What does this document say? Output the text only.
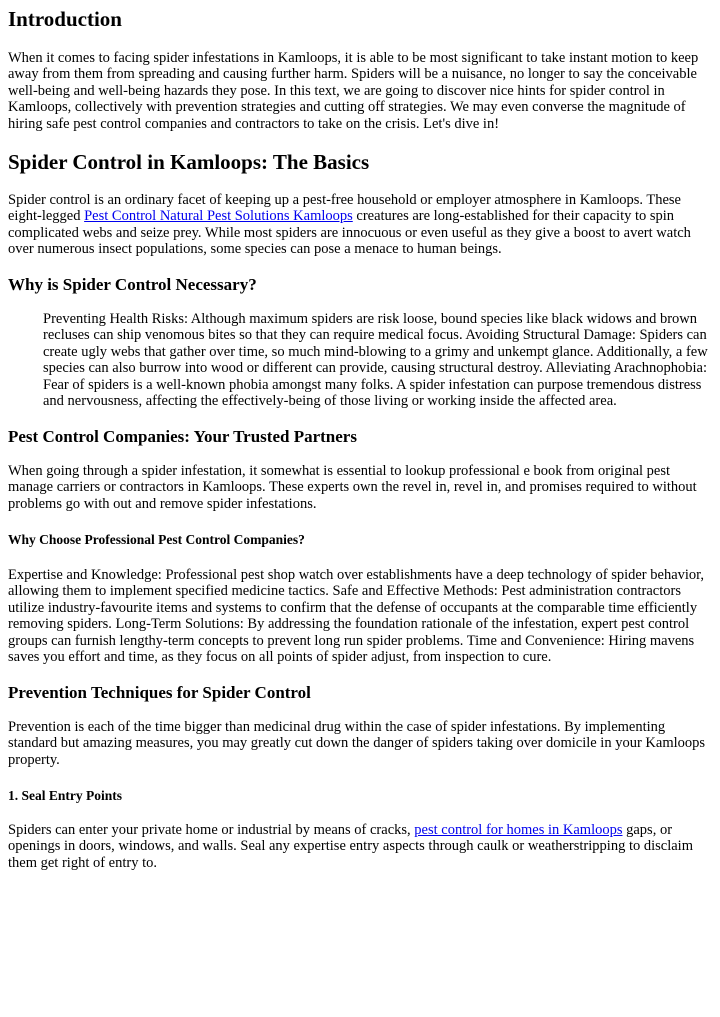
Introduction

When it comes to facing spider infestations in Kamloops, it is able to be most significant to take instant motion to keep away from them from spreading and causing further harm. Spiders will be a nuisance, no longer to say the conceivable well-being and well-being hazards they pose. In this text, we are going to discover nice hints for spider control in Kamloops, collectively with prevention strategies and cutting off strategies. We may even converse the magnitude of hiring safe pest control companies and contractors to take on the crisis. Let's dive in!

Spider Control in Kamloops: The Basics

Spider control is an ordinary facet of keeping up a pest-free household or employer atmosphere in Kamloops. These eight-legged Pest Control Natural Pest Solutions Kamloops creatures are long-established for their capacity to spin complicated webs and seize prey. While most spiders are innocuous or even useful as they give a boost to avert watch over numerous insect populations, some species can pose a menace to human beings.

Why is Spider Control Necessary?
Preventing Health Risks: Although maximum spiders are risk loose, bound species like black widows and brown recluses can ship venomous bites so that they can require medical focus. Avoiding Structural Damage: Spiders can create ugly webs that gather over time, so much mind-blowing to a grimy and unkempt glance. Additionally, a few species can also burrow into wood or different can provide, causing structural destroy. Alleviating Arachnophobia: Fear of spiders is a well-known phobia amongst many folks. A spider infestation can purpose tremendous distress and nervousness, affecting the effectively-being of those living or working inside the affected area.
Pest Control Companies: Your Trusted Partners

When going through a spider infestation, it somewhat is essential to lookup professional e book from original pest manage carriers or contractors in Kamloops. These experts own the revel in, revel in, and promises required to without problems go with out and remove spider infestations.

Why Choose Professional Pest Control Companies?

Expertise and Knowledge: Professional pest shop watch over establishments have a deep technology of spider behavior, allowing them to implement specified medicine tactics. Safe and Effective Methods: Pest administration contractors utilize industry-favourite items and systems to confirm that the defense of occupants at the comparable time efficiently removing spiders. Long-Term Solutions: By addressing the foundation rationale of the infestation, expert pest control groups can furnish lengthy-term concepts to prevent long run spider problems. Time and Convenience: Hiring mavens saves you effort and time, as they focus on all points of spider adjust, from inspection to cure.

Prevention Techniques for Spider Control

Prevention is each of the time bigger than medicinal drug within the case of spider infestations. By implementing standard but amazing measures, you may greatly cut down the danger of spiders taking over domicile in your Kamloops property.

1. Seal Entry Points

Spiders can enter your private home or industrial by means of cracks, pest control for homes in Kamloops gaps, or openings in doors, windows, and walls. Seal any expertise entry aspects through caulk or weatherstripping to disclaim them get right of entry to.
